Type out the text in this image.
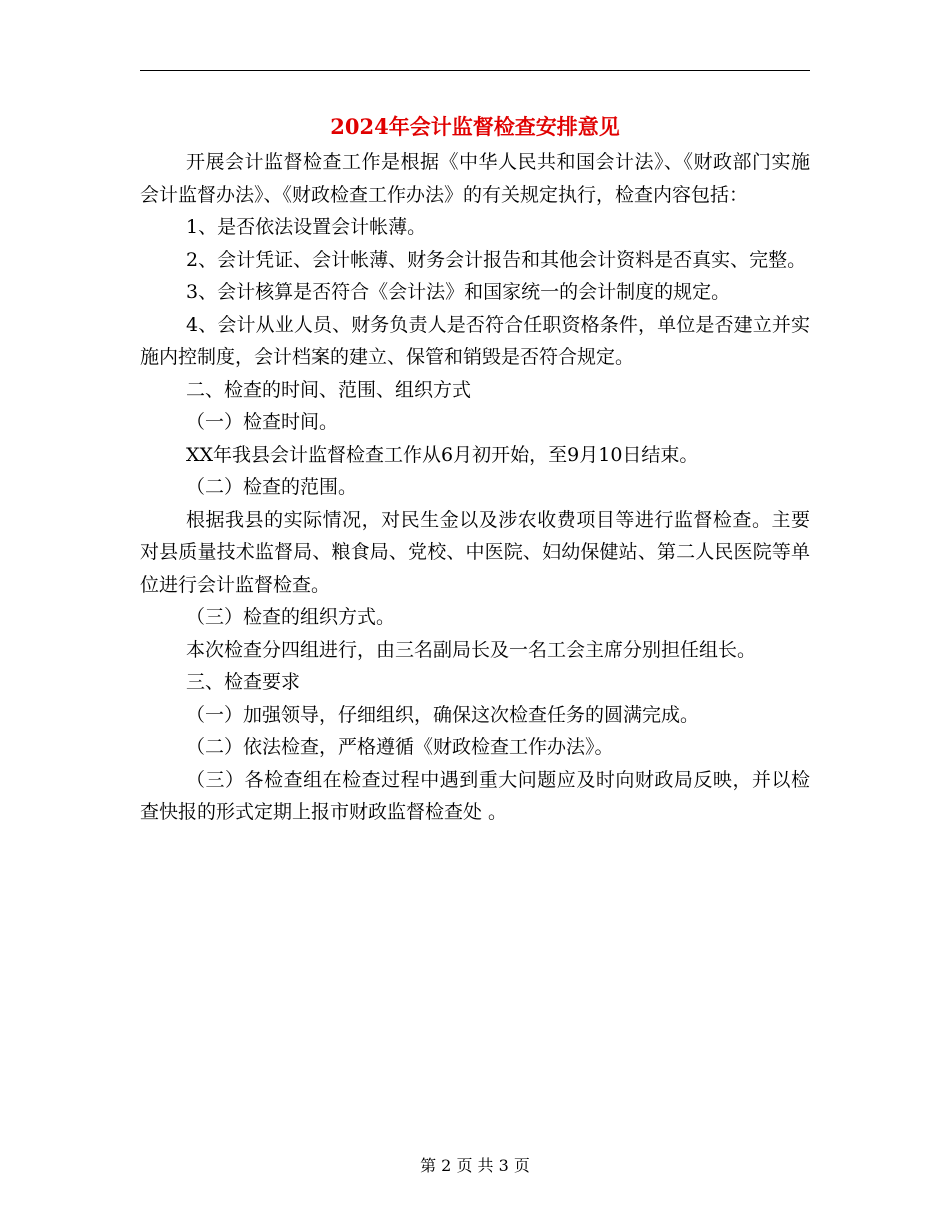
2024年会计监督检查安排意见

开展会计监督检查工作是根据《中华人民共和国会计法》、《财政部门实施会计监督办法》、《财政检查工作办法》的有关规定执行，检查内容包括：

1、是否依法设置会计帐薄。

2、会计凭证、会计帐薄、财务会计报告和其他会计资料是否真实、完整。

3、会计核算是否符合《会计法》和国家统一的会计制度的规定。

4、会计从业人员、财务负责人是否符合任职资格条件，单位是否建立并实施内控制度，会计档案的建立、保管和销毁是否符合规定。

二、检查的时间、范围、组织方式

（一）检查时间。

XX年我县会计监督检查工作从6月初开始，至9月10日结束。

（二）检查的范围。

根据我县的实际情况，对民生金以及涉农收费项目等进行监督检查。主要对县质量技术监督局、粮食局、党校、中医院、妇幼保健站、第二人民医院等单位进行会计监督检查。

（三）检查的组织方式。

本次检查分四组进行，由三名副局长及一名工会主席分别担任组长。

三、检查要求

（一）加强领导，仔细组织，确保这次检查任务的圆满完成。

（二）依法检查，严格遵循《财政检查工作办法》。

（三）各检查组在检查过程中遇到重大问题应及时向财政局反映，并以检查快报的形式定期上报市财政监督检查处 。

第 2 页 共 3 页
